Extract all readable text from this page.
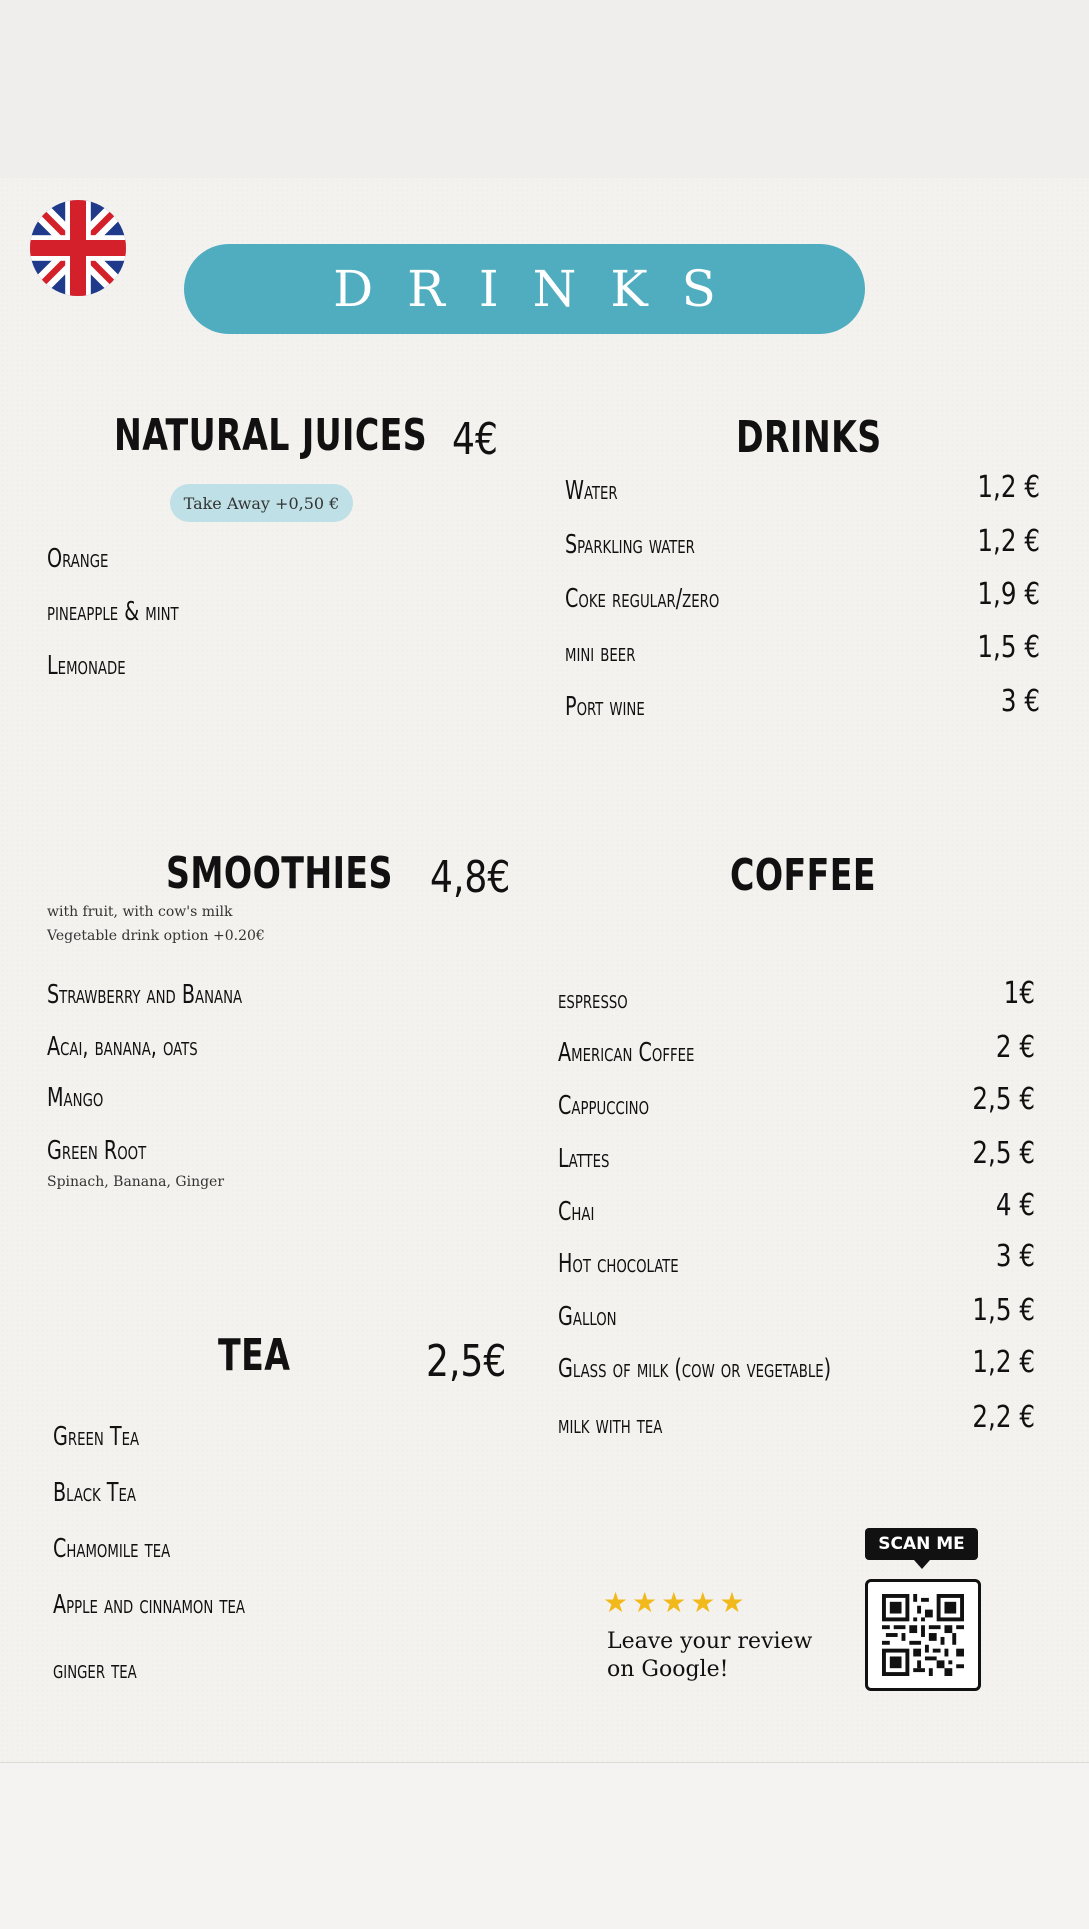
DRINKS
NATURAL JUICES 4€
Take Away +0,50 €
Orange
pineapple & mint
Lemonade
DRINKS
Water	1,2 €
Sparkling water	1,2 €
Coke regular/zero	1,9 €
mini beer	1,5 €
Port wine	3 €
SMOOTHIES 4,8€
with fruit, with cow's milk
Vegetable drink option +0.20€
Strawberry and Banana
Acai, banana, oats
Mango
Green Root
Spinach, Banana, Ginger
COFFEE
espresso	1€
American Coffee	2 €
Cappuccino	2,5 €
Lattes	2,5 €
Chai	4 €
Hot chocolate	3 €
Gallon	1,5 €
Glass of milk (cow or vegetable)	1,2 €
milk with tea	2,2 €
TEA	2,5€
Green Tea
Black Tea
Chamomile tea
Apple and cinnamon tea
ginger tea
★★★★★
Leave your review
on Google!
SCAN ME
